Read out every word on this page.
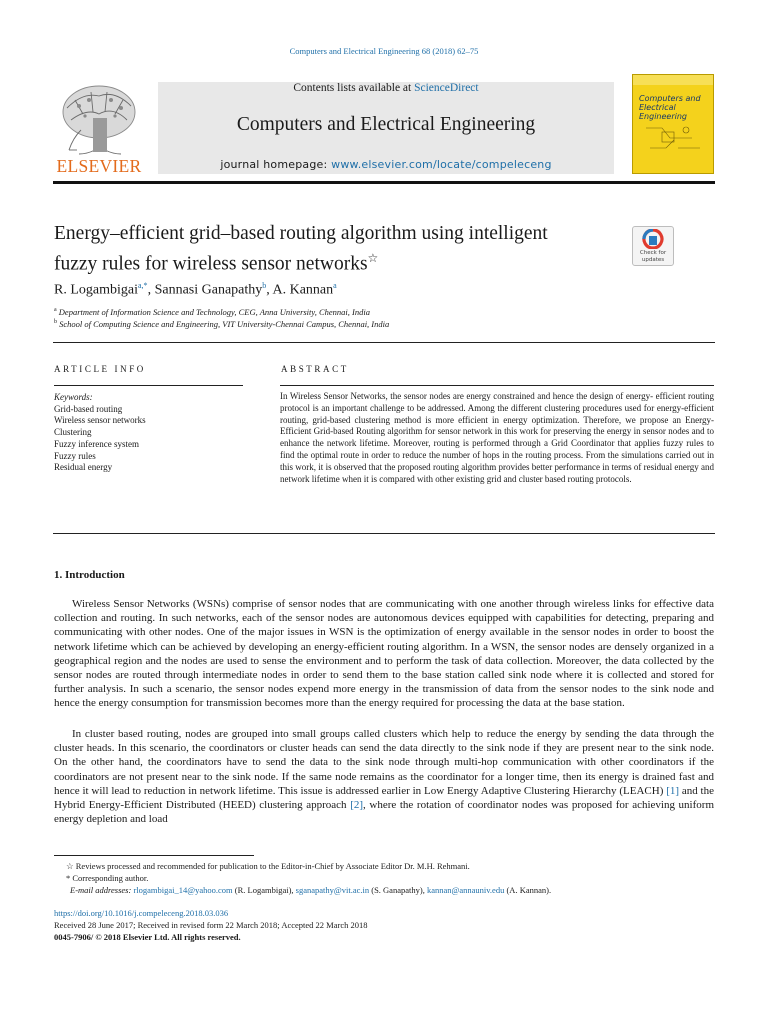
Computers and Electrical Engineering 68 (2018) 62–75
Contents lists available at ScienceDirect
Computers and Electrical Engineering
journal homepage: www.elsevier.com/locate/compeleceng
ELSEVIER
Computers and Electrical Engineering
Energy–efficient grid–based routing algorithm using intelligent
fuzzy rules for wireless sensor networks☆	Check for updates
R. Logambigai$^{a,*}$, Sannasi Ganapathy$^b$, A. Kannan$^a$
$^a$ Department of Information Science and Technology, CEG, Anna University, Chennai, India
$^b$ School of Computing Science and Engineering, VIT University-Chennai Campus, Chennai, India
ARTICLE INFO	ABSTRACT
Keywords:
Grid-based routing
Wireless sensor networks
Clustering
Fuzzy inference system
Fuzzy rules
Residual energy
In Wireless Sensor Networks, the sensor nodes are energy constrained and hence the design of energy- efficient routing protocol is an important challenge to be addressed. Among the different clustering procedures used for energy-efficient routing, grid-based clustering method is more efficient in energy optimization. Therefore, we propose an Energy-Efficient Grid-based Routing algorithm for sensor network in this work for preserving the energy in sensor nodes and to enhance the network lifetime. Moreover, routing is performed through a Grid Coordinator that applies fuzzy rules to find the optimal route in order to reduce the number of hops in the routing process. From the simulations carried out in this work, it is observed that the proposed routing algorithm provides better performance in terms of residual energy and network lifetime when it is compared with other existing grid and cluster based routing protocols.
1. Introduction

Wireless Sensor Networks (WSNs) comprise of sensor nodes that are communicating with one another through wireless links for effective data collection and routing. In such networks, each of the sensor nodes are autonomous devices equipped with capabilities for detecting, preparing and communicating with other nodes. One of the major issues in WSN is the optimization of energy available in the sensor nodes in order to boost the network lifetime which can be achieved by developing an energy-efficient routing algorithm. In a WSN, the sensor nodes are densely organized in a geographical region and the nodes are used to sense the environment and to perform the task of data collection. Moreover, the data collected by the sensor nodes are routed through intermediate nodes in order to send them to the base station called sink node where it is collected and stored for further analysis. In such a scenario, the sensor nodes expend more energy in the transmission of data from the sensor nodes to the sink node and hence the energy consumption for transmission becomes more than the energy required for processing the data at the base station.

In cluster based routing, nodes are grouped into small groups called clusters which help to reduce the energy by sending the data through the cluster heads. In this scenario, the coordinators or cluster heads can send the data directly to the sink node if they are present near to the sink node. On the other hand, the coordinators have to send the data to the sink node through multi-hop communication with other coordinators if the coordinators are not present near to the sink node. If the same node remains as the coordinator for a longer time, then its energy is drained fast and hence it will lead to reduction in network lifetime. This issue is addressed earlier in Low Energy Adaptive Clustering Hierarchy (LEACH) [1] and the Hybrid Energy-Efficient Distributed (HEED) clustering approach [2], where the rotation of coordinator nodes was proposed for achieving uniform energy depletion and load

☆ Reviews processed and recommended for publication to the Editor-in-Chief by Associate Editor Dr. M.H. Rehmani.
* Corresponding author.
E-mail addresses: rlogambigai_14@yahoo.com (R. Logambigai), sganapathy@vit.ac.in (S. Ganapathy), kannan@annauniv.edu (A. Kannan).
https://doi.org/10.1016/j.compeleceng.2018.03.036
Received 28 June 2017; Received in revised form 22 March 2018; Accepted 22 March 2018
0045-7906/ © 2018 Elsevier Ltd. All rights reserved.
